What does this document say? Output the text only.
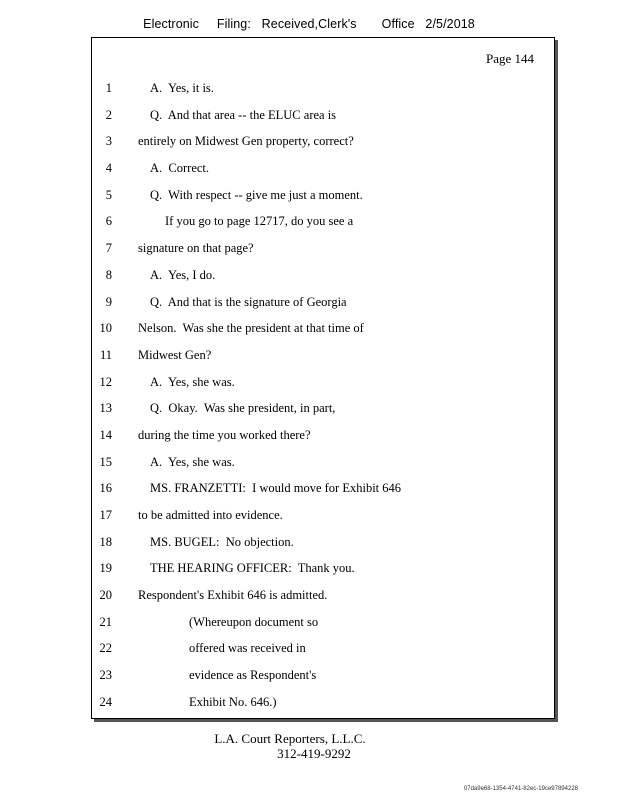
Electronic     Filing:   Received,Clerk's       Office   2/5/2018
Page 144
1	A.  Yes, it is.
2	Q.  And that area -- the ELUC area is
3 entirely on Midwest Gen property, correct?
4	A.  Correct.
5	Q.  With respect -- give me just a moment.
6	If you go to page 12717, do you see a
7 signature on that page?
8	A.  Yes, I do.
9	Q.  And that is the signature of Georgia
10 Nelson.  Was she the president at that time of
11 Midwest Gen?
12	A.  Yes, she was.
13	Q.  Okay.  Was she president, in part,
14 during the time you worked there?
15	A.  Yes, she was.
16	MS. FRANZETTI:  I would move for Exhibit 646
17 to be admitted into evidence.
18	MS. BUGEL:  No objection.
19	THE HEARING OFFICER:  Thank you.
20 Respondent's Exhibit 646 is admitted.
21	(Whereupon document so
22	offered was received in
23	evidence as Respondent's
24	Exhibit No. 646.)
L.A. Court Reporters, L.L.C.
312-419-9292
07da9e68-1354-4741-82ec-19ce97894228
